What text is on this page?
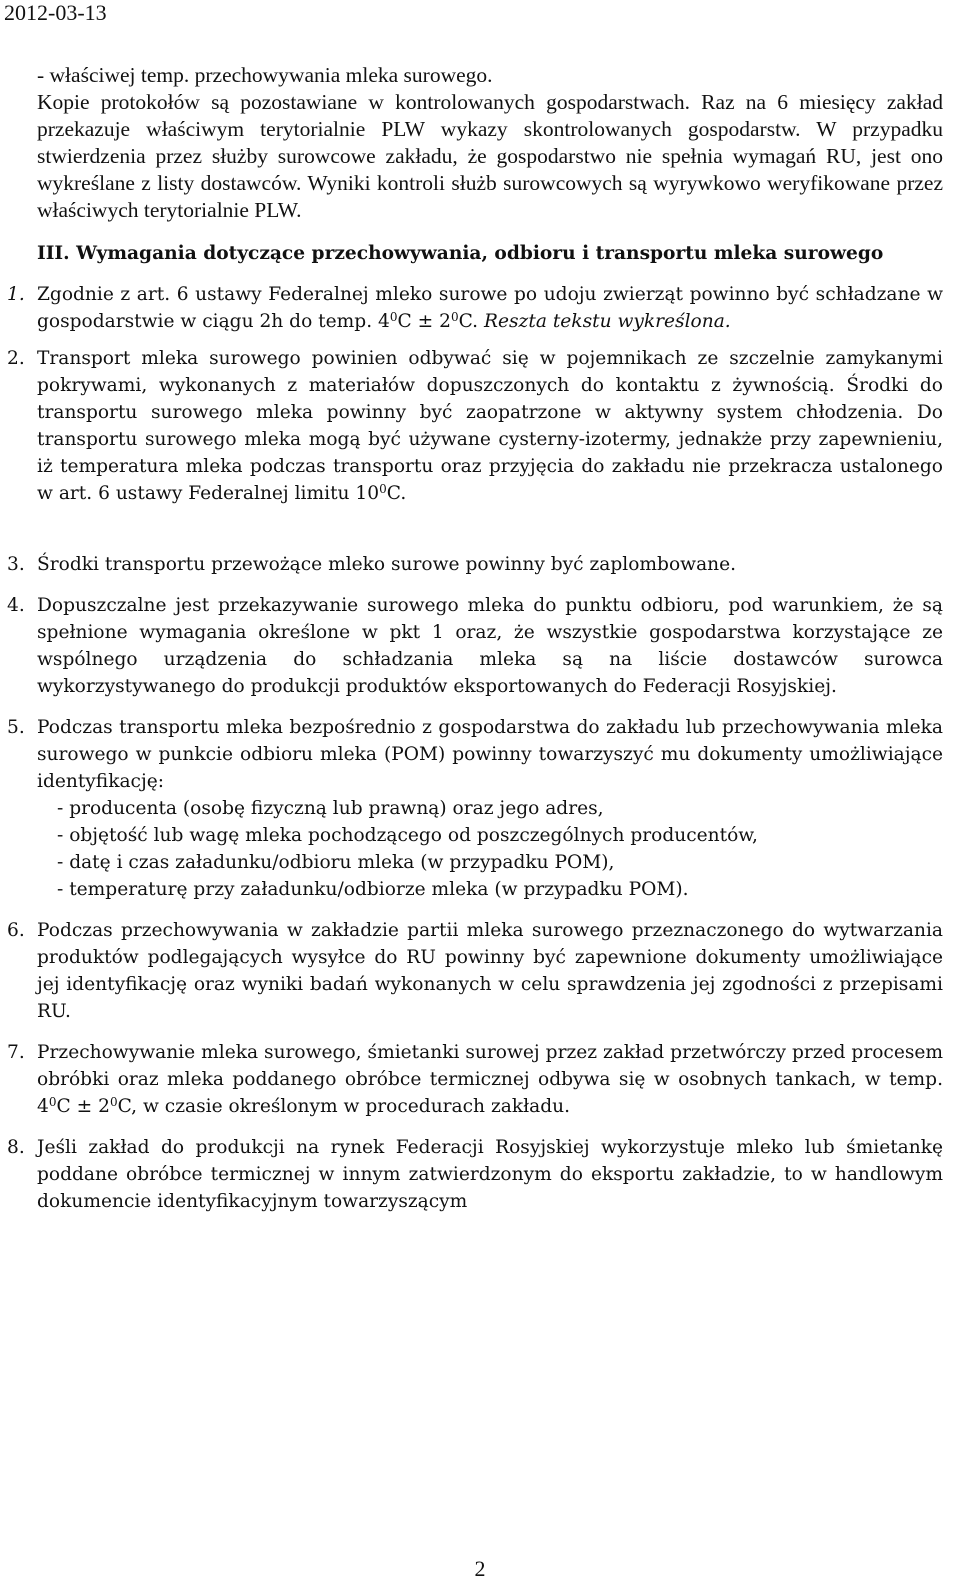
2012-03-13

- właściwej temp. przechowywania mleka surowego.

Kopie protokołów są pozostawiane w kontrolowanych gospodarstwach. Raz na 6 miesięcy zakład przekazuje właściwym terytorialnie PLW wykazy skontrolowanych gospodarstw. W przypadku stwierdzenia przez służby surowcowe zakładu, że gospodarstwo nie spełnia wymagań RU, jest ono wykreślane z listy dostawców. Wyniki kontroli służb surowcowych są wyrywkowo weryfikowane przez właściwych terytorialnie PLW.

III. Wymagania dotyczące przechowywania, odbioru i transportu mleka surowego

1. Zgodnie z art. 6 ustawy Federalnej mleko surowe po udoju zwierząt powinno być schładzane w gospodarstwie w ciągu 2h do temp. $4^0C \pm 2^0C$. Reszta tekstu wykreślona.

2. Transport mleka surowego powinien odbywać się w pojemnikach ze szczelnie zamykanymi pokrywami, wykonanych z materiałów dopuszczonych do kontaktu z żywnością. Środki do transportu surowego mleka powinny być zaopatrzone w aktywny system chłodzenia. Do transportu surowego mleka mogą być używane cysterny-izotermy, jednakże przy zapewnieniu, iż temperatura mleka podczas transportu oraz przyjęcia do zakładu nie przekracza ustalonego w art. 6 ustawy Federalnej limitu $10^0C$.

3. Środki transportu przewożące mleko surowe powinny być zaplombowane.

4. Dopuszczalne jest przekazywanie surowego mleka do punktu odbioru, pod warunkiem, że są spełnione wymagania określone w pkt 1 oraz, że wszystkie gospodarstwa korzystające ze wspólnego urządzenia do schładzania mleka są na liście dostawców surowca wykorzystywanego do produkcji produktów eksportowanych do Federacji Rosyjskiej.

5. Podczas transportu mleka bezpośrednio z gospodarstwa do zakładu lub przechowywania mleka surowego w punkcie odbioru mleka (POM) powinny towarzyszyć mu dokumenty umożliwiające identyfikację:

- producenta (osobę fizyczną lub prawną) oraz jego adres,

- objętość lub wagę mleka pochodzącego od poszczególnych producentów,

- datę i czas załadunku/odbioru mleka (w przypadku POM),

- temperaturę przy załadunku/odbiorze mleka (w przypadku POM).

6. Podczas przechowywania w zakładzie partii mleka surowego przeznaczonego do wytwarzania produktów podlegających wysyłce do RU powinny być zapewnione dokumenty umożliwiające jej identyfikację oraz wyniki badań wykonanych w celu sprawdzenia jej zgodności z przepisami RU.

7. Przechowywanie mleka surowego, śmietanki surowej przez zakład przetwórczy przed procesem obróbki oraz mleka poddanego obróbce termicznej odbywa się w osobnych tankach, w temp. $4^0C \pm 2^0C$, w czasie określonym w procedurach zakładu.

8. Jeśli zakład do produkcji na rynek Federacji Rosyjskiej wykorzystuje mleko lub śmietankę poddane obróbce termicznej w innym zatwierdzonym do eksportu zakładzie, to w handlowym dokumencie identyfikacyjnym towarzyszącym

2
